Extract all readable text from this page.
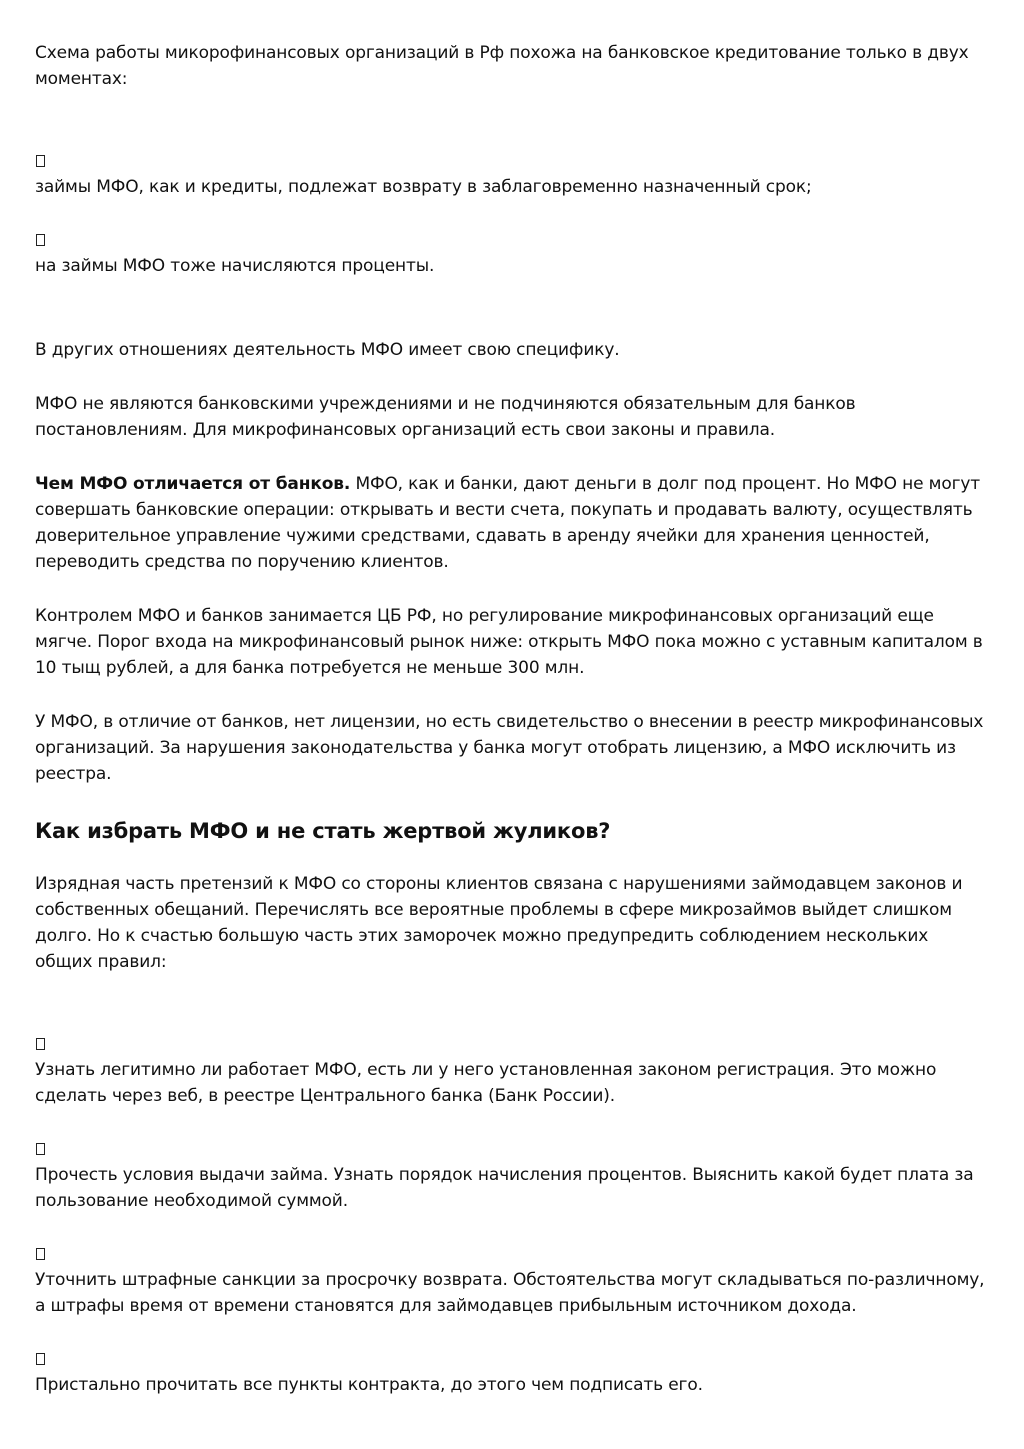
Схема работы микорофинансовых организаций в Рф похожа на банковское кредитование только в двух моментах:

займы МФО, как и кредиты, подлежат возврату в заблаговременно назначенный срок;

на займы МФО тоже начисляются проценты.

В других отношениях деятельность МФО имеет свою специфику.

МФО не являются банковскими учреждениями и не подчиняются обязательным для банков постановлениям. Для микрофинансовых организаций есть свои законы и правила.

Чем МФО отличается от банков. МФО, как и банки, дают деньги в долг под процент. Но МФО не могут совершать банковские операции: открывать и вести счета, покупать и продавать валюту, осуществлять доверительное управление чужими средствами, сдавать в аренду ячейки для хранения ценностей, переводить средства по поручению клиентов.

Контролем МФО и банков занимается ЦБ РФ, но регулирование микрофинансовых организаций еще мягче. Порог входа на микрофинансовый рынок ниже: открыть МФО пока можно с уставным капиталом в 10 тыщ рублей, а для банка потребуется не меньше 300 млн.

У МФО, в отличие от банков, нет лицензии, но есть свидетельство о внесении в реестр микрофинансовых организаций. За нарушения законодательства у банка могут отобрать лицензию, а МФО исключить из реестра.

Как избрать МФО и не стать жертвой жуликов?

Изрядная часть претензий к МФО со стороны клиентов связана с нарушениями займодавцем законов и собственных обещаний. Перечислять все вероятные проблемы в сфере микрозаймов выйдет слишком долго. Но к счастью большую часть этих заморочек можно предупредить соблюдением нескольких общих правил:

Узнать легитимно ли работает МФО, есть ли у него установленная законом регистрация. Это можно сделать через веб, в реестре Центрального банка (Банк России).

Прочесть условия выдачи займа. Узнать порядок начисления процентов. Выяснить какой будет плата за пользование необходимой суммой.

Уточнить штрафные санкции за просрочку возврата. Обстоятельства могут складываться по-различному, а штрафы время от времени становятся для займодавцев прибыльным источником дохода.

Пристально прочитать все пункты контракта, до этого чем подписать его.
